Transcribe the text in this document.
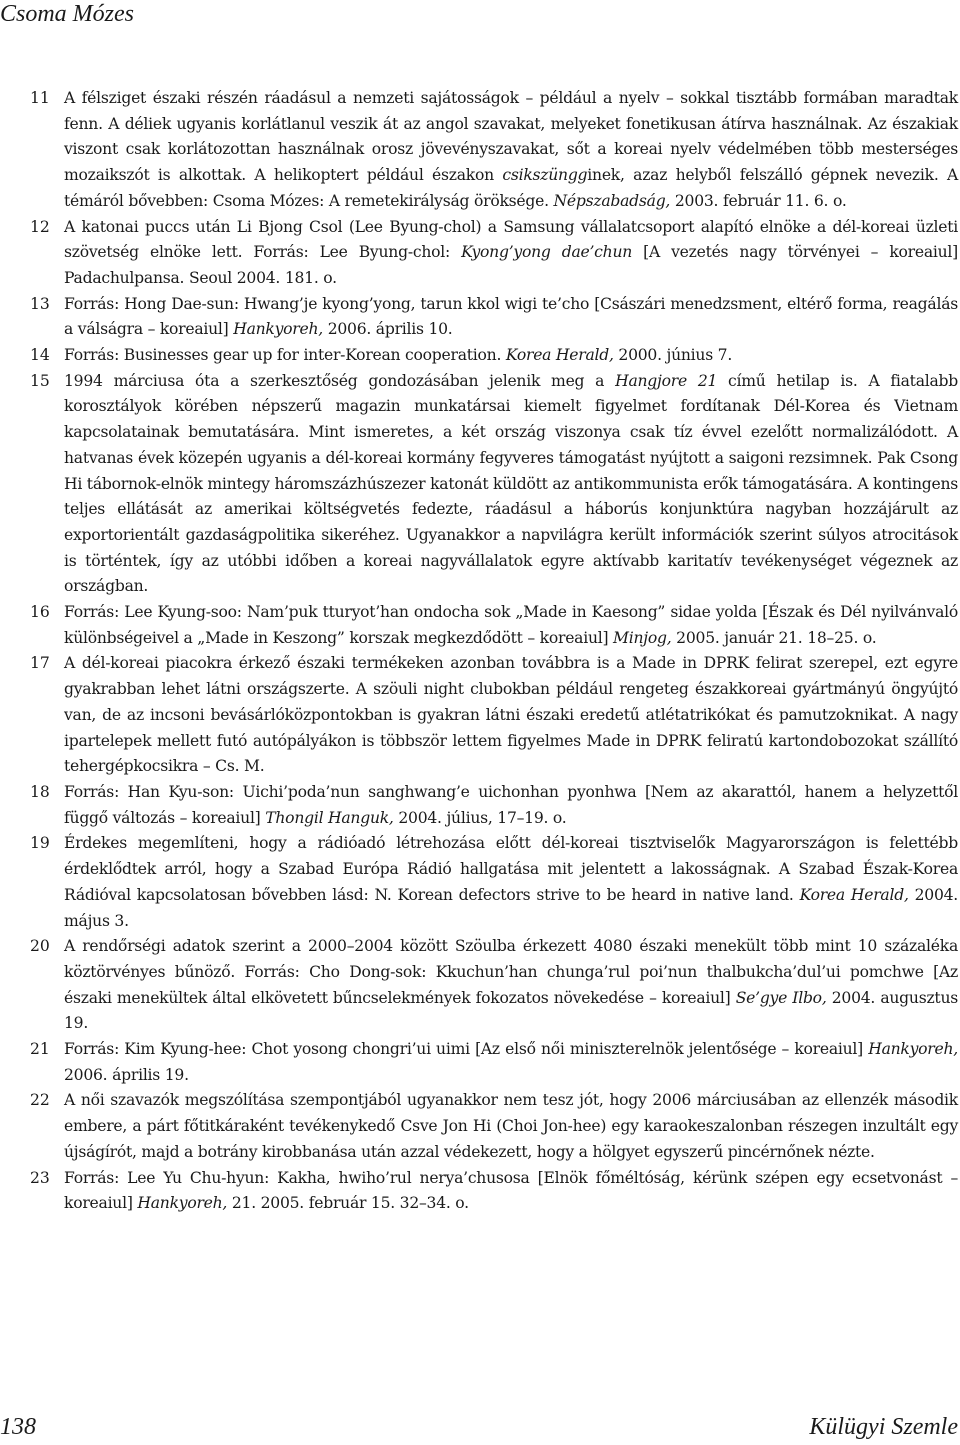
Csoma Mózes
11 A félsziget északi részén ráadásul a nemzeti sajátosságok – például a nyelv – sokkal tisztább formában maradtak fenn. A déliek ugyanis korlátlanul veszik át az angol szavakat, melyeket fonetikusan átírva használnak. Az északiak viszont csak korlátozottan használnak orosz jövevényszavakat, sőt a koreai nyelv védelmében több mesterséges mozaikszót is alkottak. A helikoptert például északon csikszüngginek, azaz helyből felszálló gépnek nevezik. A témáról bővebben: Csoma Mózes: A remetekirályság öröksége. Népszabadság, 2003. február 11. 6. o.
12 A katonai puccs után Li Bjong Csol (Lee Byung-chol) a Samsung vállalatcsoport alapító elnöke a dél-koreai üzleti szövetség elnöke lett. Forrás: Lee Byung-chol: Kyong’yong dae’chun [A vezetés nagy törvényei – koreaiul] Padachulpansa. Seoul 2004. 181. o.
13 Forrás: Hong Dae-sun: Hwang’je kyong’yong, tarun kkol wigi te’cho [Császári menedzsment, eltérő forma, reagálás a válságra – koreaiul] Hankyoreh, 2006. április 10.
14 Forrás: Businesses gear up for inter-Korean cooperation. Korea Herald, 2000. június 7.
15 1994 márciusa óta a szerkesztőség gondozásában jelenik meg a Hangjore 21 című hetilap is. A fiatalabb korosztályok körében népszerű magazin munkatársai kiemelt figyelmet fordítanak Dél-Korea és Vietnam kapcsolatainak bemutatására. Mint ismeretes, a két ország viszonya csak tíz évvel ezelőtt normalizálódott. A hatvanas évek közepén ugyanis a dél-koreai kormány fegyveres támogatást nyújtott a saigoni rezsimnek. Pak Csong Hi tábornok-elnök mintegy háromszázhúszezer katonát küldött az antikommunista erők támogatására. A kontingens teljes ellátását az amerikai költségvetés fedezte, ráadásul a háborús konjunktúra nagyban hozzájárult az exportorientált gazdaságpolitika sikeréhez. Ugyanakkor a napvilágra került információk szerint súlyos atrocitások is történtek, így az utóbbi időben a koreai nagyvállalatok egyre aktívabb karitatív tevékenységet végeznek az országban.
16 Forrás: Lee Kyung-soo: Nam’puk tturyot’han ondocha sok „Made in Kaesong” sidae yolda [Észak és Dél nyilvánvaló különbségeivel a „Made in Keszong” korszak megkezdődött – koreaiul] Minjog, 2005. január 21. 18–25. o.
17 A dél-koreai piacokra érkező északi termékeken azonban továbbra is a Made in DPRK felirat szerepel, ezt egyre gyakrabban lehet látni országszerte. A szöuli night clubokban például rengeteg északkoreai gyártmányú öngyújtó van, de az incsoni bevásárlóközpontokban is gyakran látni északi eredetű atlétatrikókat és pamutzoknikat. A nagy ipartelepek mellett futó autópályákon is többször lettem figyelmes Made in DPRK feliratú kartondobozokat szállító tehergépkocsikra – Cs. M.
18 Forrás: Han Kyu-son: Uichi’poda’nun sanghwang’e uichonhan pyonhwa [Nem az akarattól, hanem a helyzettől függő változás – koreaiul] Thongil Hanguk, 2004. július, 17–19. o.
19 Érdekes megemlíteni, hogy a rádióadó létrehozása előtt dél-koreai tisztviselők Magyarországon is felettébb érdeklődtek arról, hogy a Szabad Európa Rádió hallgatása mit jelentett a lakosságnak. A Szabad Észak-Korea Rádióval kapcsolatosan bővebben lásd: N. Korean defectors strive to be heard in native land. Korea Herald, 2004. május 3.
20 A rendőrségi adatok szerint a 2000–2004 között Szöulba érkezett 4080 északi menekült több mint 10 százaléka köztörvényes bűnöző. Forrás: Cho Dong-sok: Kkuchun’han chunga’rul poi’nun thalbukcha’dul’ui pomchwe [Az északi menekültek által elkövetett bűncselekmények fokozatos növekedése – koreaiul] Se’gye Ilbo, 2004. augusztus 19.
21 Forrás: Kim Kyung-hee: Chot yosong chongri’ui uimi [Az első női miniszterelnök jelentősége – koreaiul] Hankyoreh, 2006. április 19.
22 A női szavazók megszólítása szempontjából ugyanakkor nem tesz jót, hogy 2006 márciusában az ellenzék második embere, a párt főtitkáraként tevékenykedő Csve Jon Hi (Choi Jon-hee) egy karaokeszalonban részegen inzultált egy újságírót, majd a botrány kirobbanása után azzal védekezett, hogy a hölgyet egyszerű pincérnőnek nézte.
23 Forrás: Lee Yu Chu-hyun: Kakha, hwiho’rul nerya’chusosa [Elnök főméltóság, kérünk szépen egy ecsetvonást – koreaiul] Hankyoreh, 21. 2005. február 15. 32–34. o.
138	Külügyi Szemle
